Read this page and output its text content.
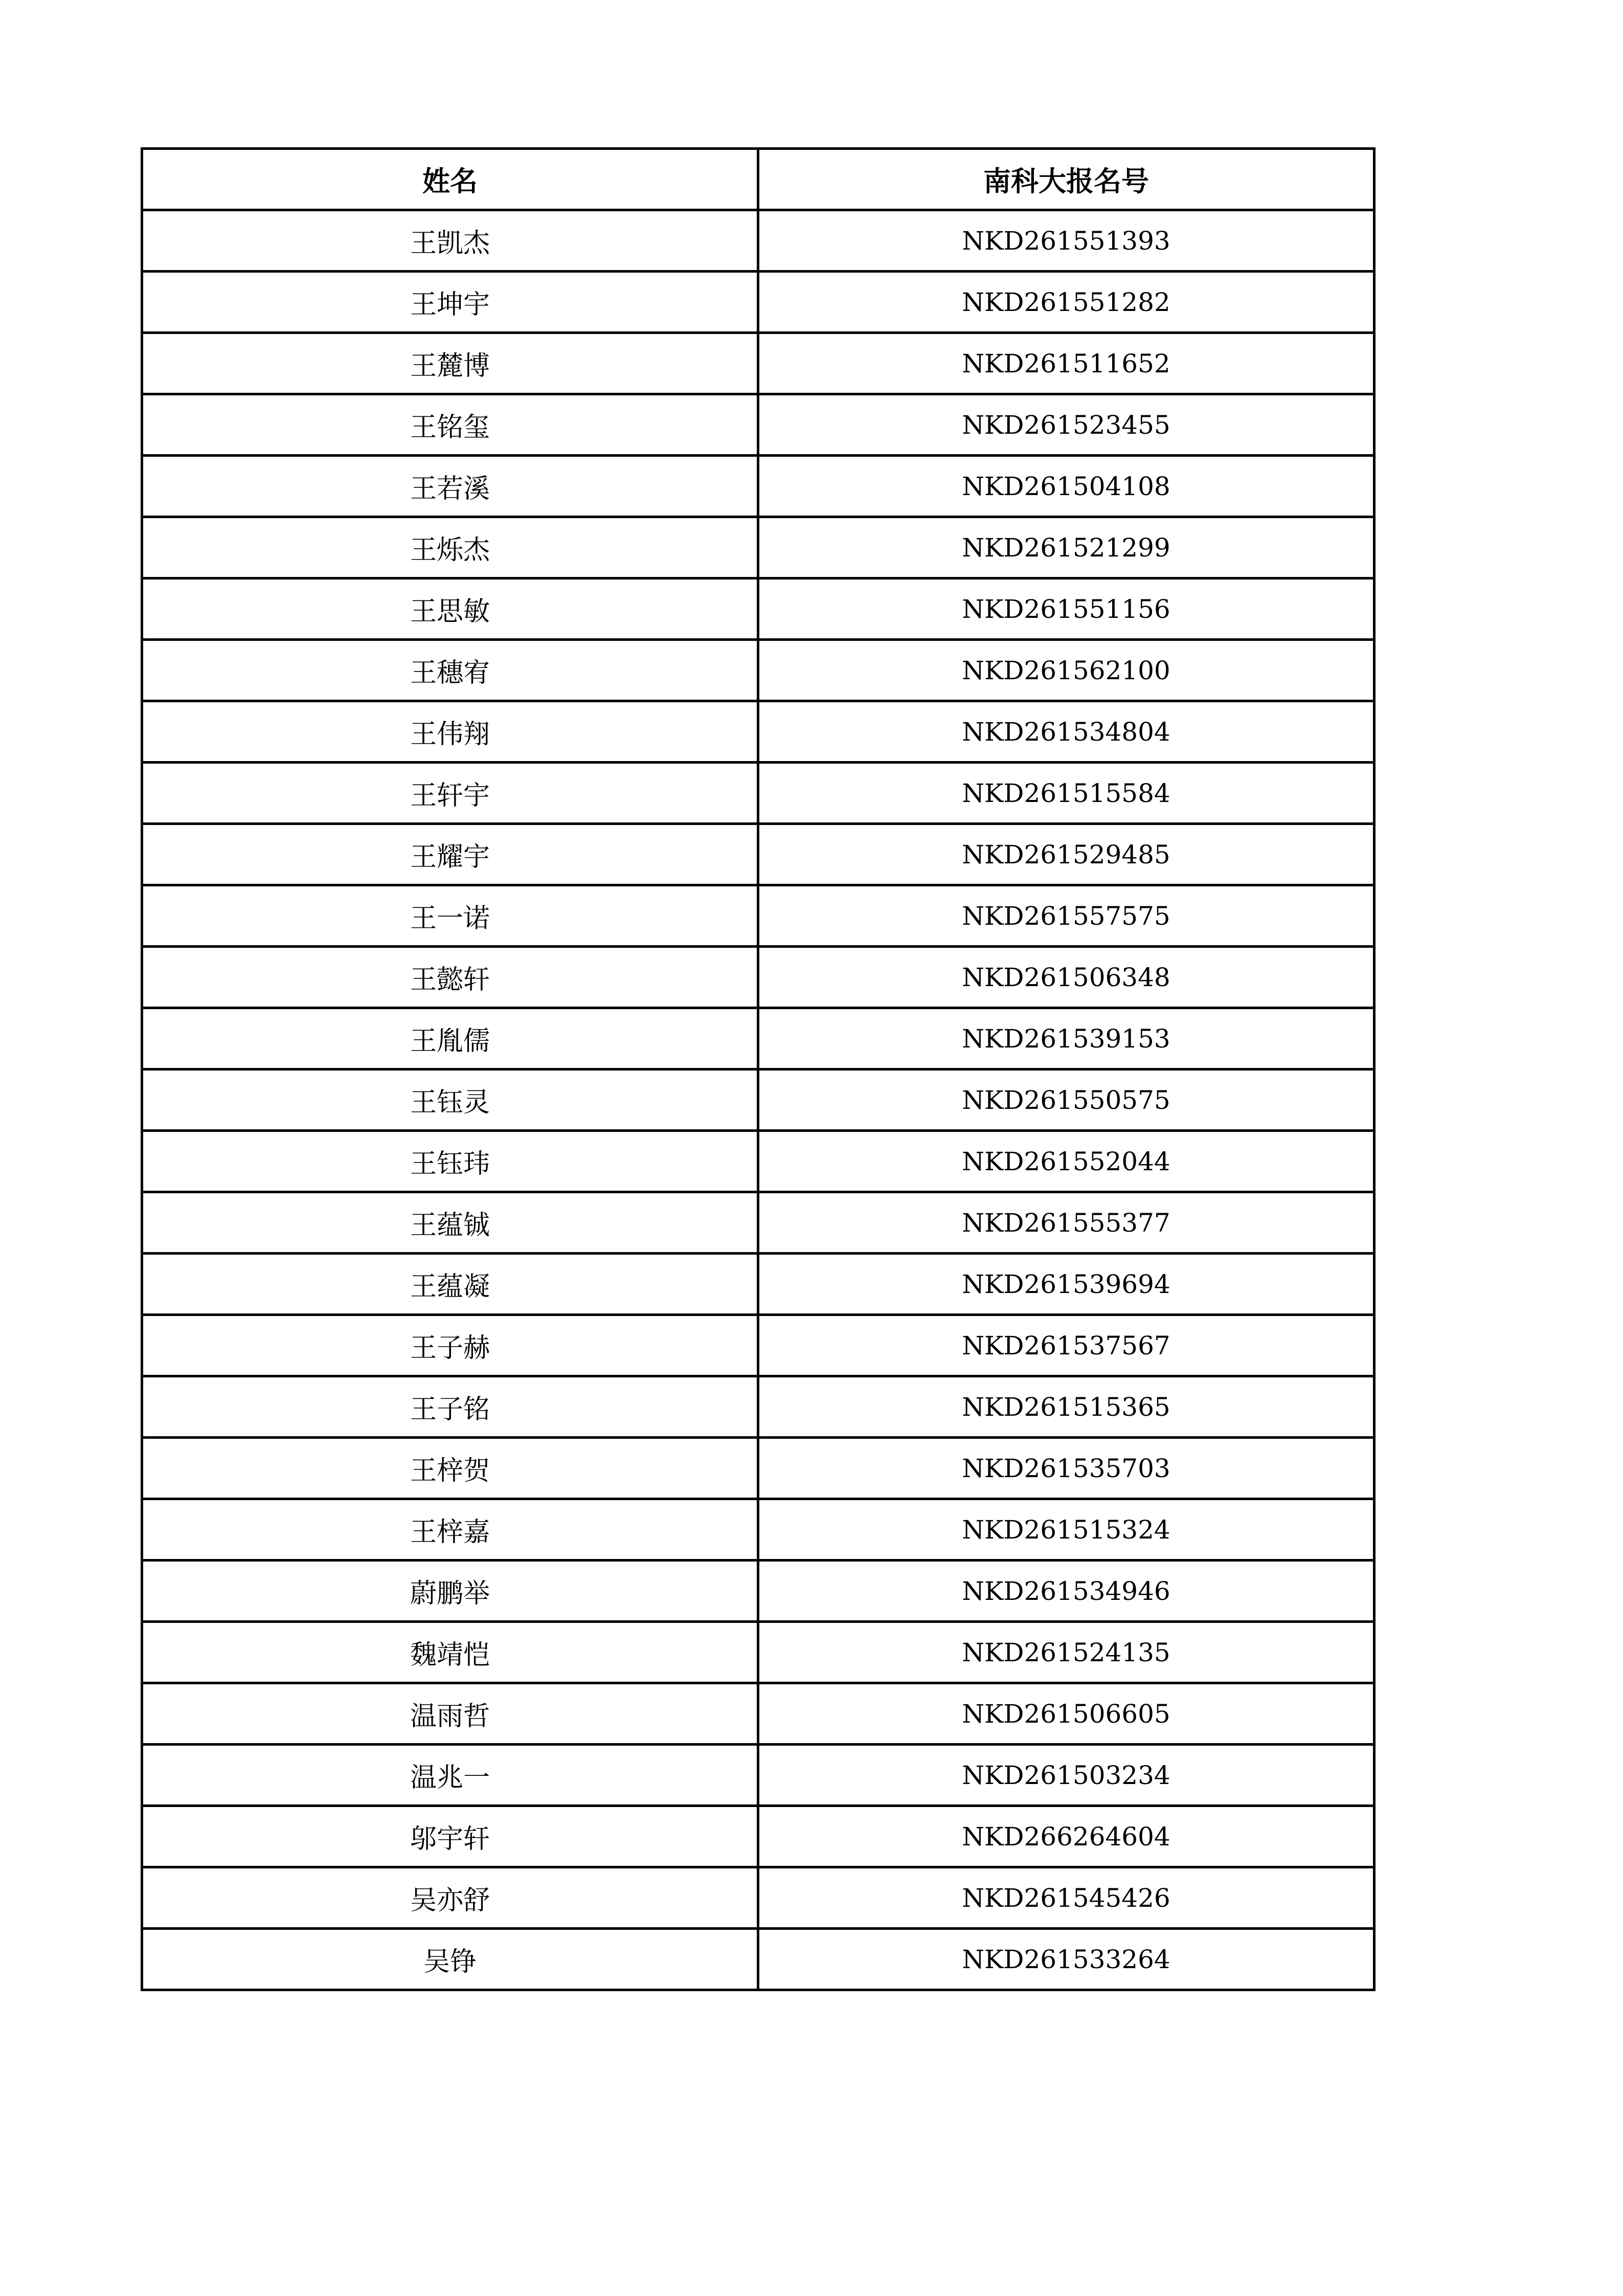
姓名	南科大报名号
王凯杰	NKD261551393
王坤宇	NKD261551282
王麓博	NKD261511652
王铭玺	NKD261523455
王若溪	NKD261504108
王烁杰	NKD261521299
王思敏	NKD261551156
王穗宥	NKD261562100
王伟翔	NKD261534804
王轩宇	NKD261515584
王耀宇	NKD261529485
王一诺	NKD261557575
王懿轩	NKD261506348
王胤儒	NKD261539153
王钰灵	NKD261550575
王钰玮	NKD261552044
王蕴铖	NKD261555377
王蕴凝	NKD261539694
王子赫	NKD261537567
王子铭	NKD261515365
王梓贺	NKD261535703
王梓嘉	NKD261515324
蔚鹏举	NKD261534946
魏靖恺	NKD261524135
温雨哲	NKD261506605
温兆一	NKD261503234
邬宇轩	NKD266264604
吴亦舒	NKD261545426
吴铮	NKD261533264
